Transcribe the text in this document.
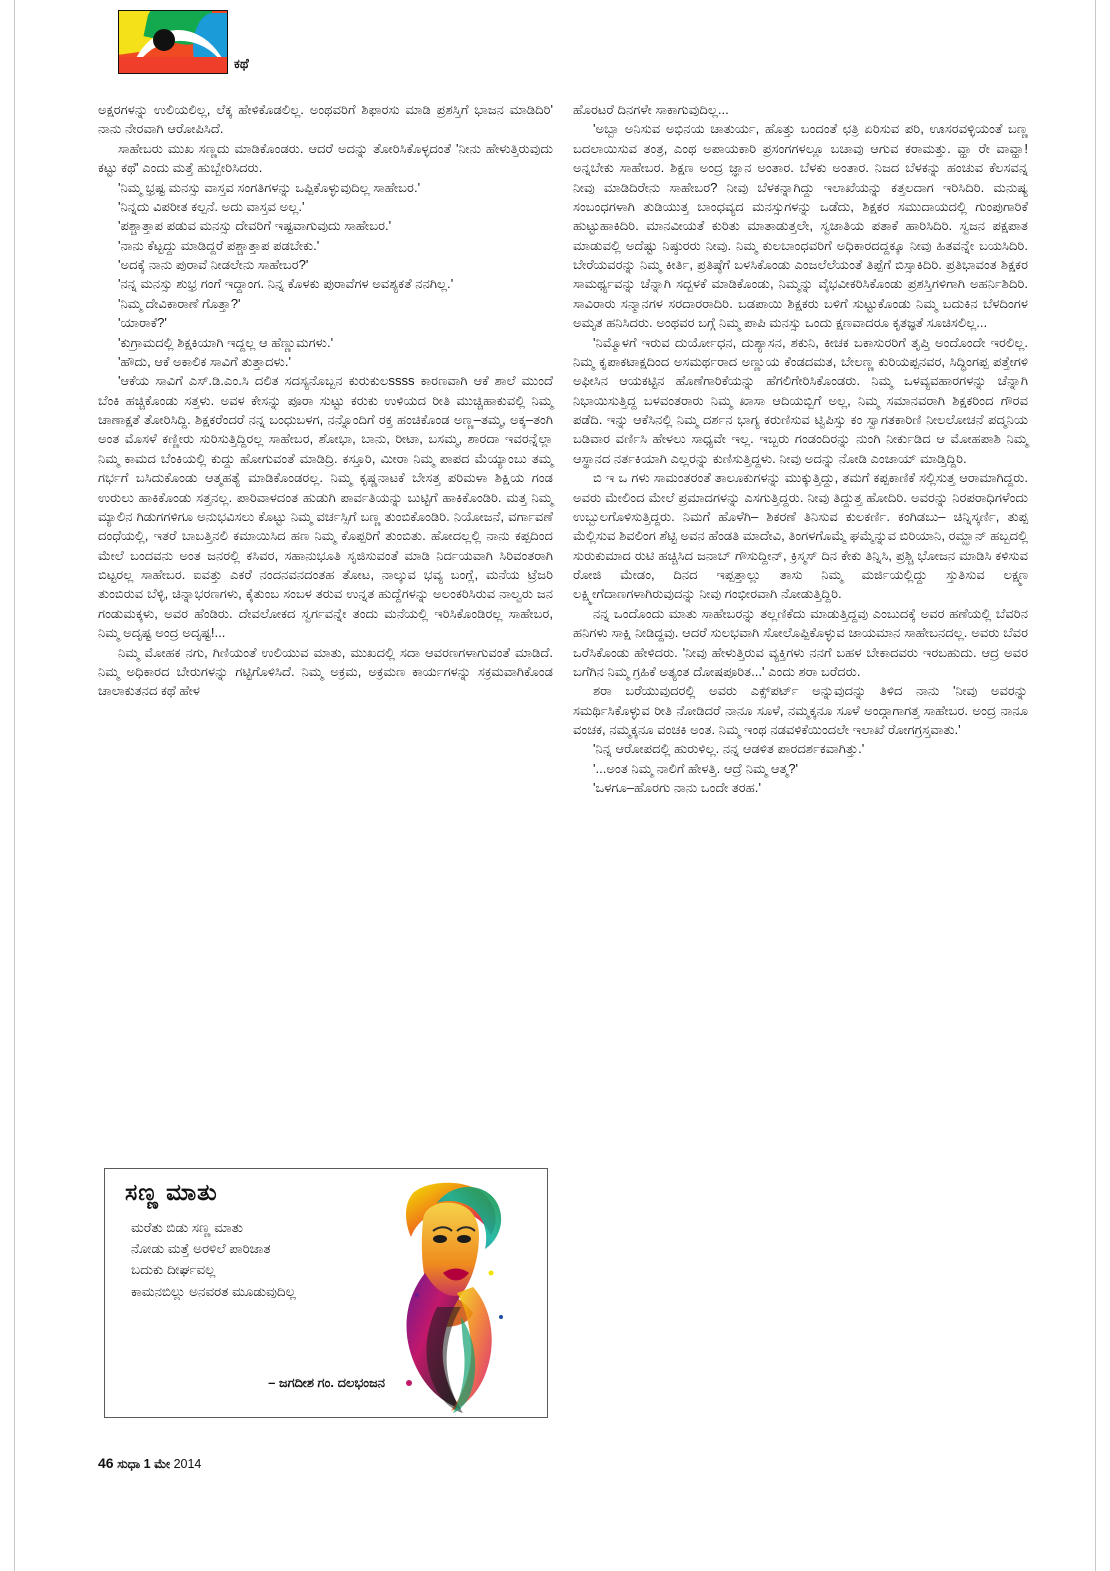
ಕಥೆ

ಅಕ್ಷರಗಳನ್ನು ಉಲಿಯಲಿಲ್ಲ, ಲೆಕ್ಕ ಹೇಳಿಕೊಡಲಿಲ್ಲ. ಅಂಥವರಿಗೆ ಶಿಫಾರಸು ಮಾಡಿ ಪ್ರಶಸ್ತಿಗೆ ಭಾಜನ ಮಾಡಿದಿರಿ' ನಾನು ನೇರವಾಗಿ ಆರೋಪಿಸಿದೆ.

ಸಾಹೇಬರು ಮುಖ ಸಣ್ಣದು ಮಾಡಿಕೊಂಡರು. ಆದರೆ ಅದನ್ನು ತೋರಿಸಿಕೊಳ್ಳದಂತೆ 'ನೀನು ಹೇಳುತ್ತಿರುವುದು ಕಟ್ಟು ಕಥೆ' ಎಂದು ಮತ್ತೆ ಹುಬ್ಬೇರಿಸಿದರು.

'ನಿಮ್ಮ ಭ್ರಷ್ಟ ಮನಸ್ಸು ವಾಸ್ತವ ಸಂಗತಿಗಳನ್ನು ಒಪ್ಪಿಕೊಳ್ಳುವುದಿಲ್ಲ ಸಾಹೇಬರ.'

'ನಿನ್ನದು ವಿಪರೀತ ಕಲ್ಪನೆ. ಅದು ವಾಸ್ತವ ಅಲ್ಲ.'

'ಪಶ್ಚಾತ್ತಾಪ ಪಡುವ ಮನಸ್ಸು ದೇವರಿಗೆ ಇಷ್ಟವಾಗುವುದು ಸಾಹೇಬರ.'

'ನಾನು ಕೆಟ್ಟದ್ದು ಮಾಡಿದ್ದರೆ ಪಶ್ಚಾತ್ತಾಪ ಪಡಬೇಕು.'

'ಅದಕ್ಕೆ ನಾನು ಪುರಾವೆ ನೀಡಲೇನು ಸಾಹೇಬರ?'

'ನನ್ನ ಮನಸ್ಸು ಶುಭ್ರ ಗಂಗೆ ಇದ್ದಾಂಗ. ನಿನ್ನ ಕೊಳಕು ಪುರಾವೆಗಳ ಅವಶ್ಯಕತೆ ನನಗಿಲ್ಲ.'

'ನಿಮ್ಮ ದೇವಿಕಾರಾಣೆ ಗೊತ್ತಾ?'

'ಯಾರಾಕೆ?'

'ಕುಗ್ರಾಮದಲ್ಲಿ ಶಿಕ್ಷಕಿಯಾಗಿ ಇದ್ದಲ್ಲ ಆ ಹೆಣ್ಣುಮಗಳು.'

'ಹೌದು, ಆಕೆ ಅಕಾಲಿಕ ಸಾವಿಗೆ ತುತ್ತಾದಳು.'

'ಆಕೆಯ ಸಾವಿಗೆ ಎಸ್.ಡಿ.ಎಂ.ಸಿ ದಲಿತ ಸದಸ್ಯನೊಬ್ಬನ ಕುರುಕುಲssss ಕಾರಣವಾಗಿ ಆಕೆ ಶಾಲೆ ಮುಂದೆ ಬೆಂಕಿ ಹಚ್ಚಿಕೊಂಡು ಸತ್ತಳು. ಅವಳ ಕೇಸನ್ನು ಪೂರಾ ಸುಟ್ಟು ಕರುಕು ಉಳಿಯದ ರೀತಿ ಮುಚ್ಚಿಹಾಕುವಲ್ಲಿ ನಿಮ್ಮ ಚಾಣಾಕ್ಷತೆ ತೋರಿಸಿದ್ದಿ. ಶಿಕ್ಷಕರೆಂದರೆ ನನ್ನ ಬಂಧುಬಳಗ, ನನ್ನೊಂದಿಗೆ ರಕ್ತ ಹಂಚಿಕೊಂಡ ಅಣ್ಣ–ತಮ್ಮ, ಅಕ್ಕ–ತಂಗಿ ಅಂತ ಮೊಸಳೆ ಕಣ್ಣೀರು ಸುರಿಸುತ್ತಿದ್ದಿರಲ್ಲ ಸಾಹೇಬರ, ಶೋಭಾ, ಬಾನು, ರೀಟಾ, ಬಸಮ್ಮ, ಶಾರದಾ ಇವರನ್ನೆಲ್ಲಾ ನಿಮ್ಮ ಕಾಮದ ಬೆಂಕಿಯಲ್ಲಿ ಕುದ್ದು ಹೋಗುವಂತೆ ಮಾಡಿದ್ರಿ. ಕಸ್ತೂರಿ, ಮೀರಾ ನಿಮ್ಮ ಪಾಪದ ಮೆಯ್ಯಾಂಬು ತಮ್ಮ ಗರ್ಭಗೆ ಬಸಿದುಕೊಂಡು ಆತ್ಮಹತ್ಯೆ ಮಾಡಿಕೊಂಡರಲ್ಲ. ನಿಮ್ಮ ಕೃಷ್ಣನಾಟಕೆ ಬೇಸತ್ತ ಪರಿಮಳಾ ಶಿಕ್ಷಿಯ ಗಂಡ ಉರುಲು ಹಾಕಿಕೊಂಡು ಸತ್ತನಲ್ಲ. ಪಾರಿವಾಳದಂತ ಹುಡುಗಿ ಪಾರ್ವತಿಯನ್ನು ಬುಟ್ಟಿಗೆ ಹಾಕಿಕೊಂಡಿರಿ. ಮತ್ತ ನಿಮ್ಮ ಮ್ಯಾಲಿನ ಗಿಡುಗಗಳಿಗೂ ಅನುಭವಿಸಲು ಕೊಟ್ಟು ನಿಮ್ಮ ವರ್ಚಸ್ಸಿಗೆ ಬಣ್ಣ ತುಂಬಿಕೊಂಡಿರಿ. ನಿಯೋಜನೆ, ವರ್ಗಾವಣೆ ದಂಧೆಯಲ್ಲಿ, ಇತರೆ ಬಾಬತ್ತಿನಲಿ ಕಮಾಯಿಸಿದ ಹಣ ನಿಮ್ಮ ಕೊಪ್ಪರಿಗೆ ತುಂಬಿತು. ಹೋದಲ್ಲಲ್ಲಿ ನಾನು ಕಪ್ಪದಿಂದ ಮೇಲೆ ಬಂದವನು ಅಂತ ಜನರಲ್ಲಿ ಕಸಿವರ, ಸಹಾನುಭೂತಿ ಸೃಜಿಸುವಂತೆ ಮಾಡಿ ನಿರ್ದಯವಾಗಿ ಸಿರಿವಂತರಾಗಿ ಬಿಟ್ಟರಲ್ಲ ಸಾಹೇಬರ. ಐವತ್ತು ಎಕರೆ ನಂದನವನದಂತಹ ತೋಟ, ನಾಲ್ಕುವ ಭವ್ಯ ಬಂಗ್ಲೆ, ಮನೆಯ ಟ್ರೆಜರಿ ತುಂಬಿರುವ ಬೆಳ್ಳಿ, ಚಿನ್ನಾಭರಣಗಳು, ಕೈತುಂಬ ಸಂಬಳ ತರುವ ಉನ್ನತ ಹುದ್ದೆಗಳನ್ನು ಅಲಂಕರಿಸಿರುವ ನಾಲ್ವರು ಜನ ಗಂಡುಮಕ್ಕಳು, ಅವರ ಹೆಂಡಿರು. ದೇವಲೋಕದ ಸ್ವರ್ಗವನ್ನೇ ತಂದು ಮನೆಯಲ್ಲಿ ಇರಿಸಿಕೊಂಡಿರಲ್ಲ ಸಾಹೇಬರ, ನಿಮ್ಮ ಅದೃಷ್ಟ ಅಂದ್ರ ಅದೃಷ್ಟ!...

ನಿಮ್ಮ ಮೋಹಕ ನಗು, ಗಿಣಿಯಂತೆ ಉಲಿಯುವ ಮಾತು, ಮುಖದಲ್ಲಿ ಸದಾ ಆವರಣಗಳಾಗುವಂತೆ ಮಾಡಿದೆ. ನಿಮ್ಮ ಅಧಿಕಾರದ ಬೇರುಗಳನ್ನು ಗಟ್ಟಿಗೊಳಿಸಿದೆ. ನಿಮ್ಮ ಅಕ್ರಮ, ಅಕ್ರಮಣ ಕಾರ್ಯಗಳನ್ನು ಸಕ್ರಮವಾಗಿಕೊಂಡ ಚಾಲಾಕುತನದ ಕಥೆ ಹೇಳ

ಹೊರಟರೆ ದಿನಗಳೇ ಸಾಕಾಗುವುದಿಲ್ಲ...

'ಅಬ್ಬಾ ಅನಿಸುವ ಅಭಿನಯ ಚಾತುರ್ಯ, ಹೊತ್ತು ಬಂದಂತೆ ಛತ್ರಿ ಏರಿಸುವ ಪರಿ, ಊಸರವಳ್ಳಿಯಂತೆ ಬಣ್ಣ ಬದಲಾಯಿಸುವ ತಂತ್ರ, ಎಂಥ ಅಪಾಯಕಾರಿ ಪ್ರಸಂಗಗಳಲ್ಲೂ ಬಚಾವು ಆಗುವ ಕರಾಮತ್ತು. ವ್ಹಾ ರೇ ವಾವ್ಹಾ! ಅನ್ನಬೇಕು ಸಾಹೇಬರ. ಶಿಕ್ಷಣ ಅಂದ್ರ ಜ್ಞಾನ ಅಂತಾರ. ಬೆಳಕು ಅಂತಾರ. ನಿಜದ ಬೆಳಕನ್ನು ಹಂಚುವ ಕೆಲಸವನ್ನ ನೀವು ಮಾಡಿದಿರೇನು ಸಾಹೇಬರ? ನೀವು ಬೆಳಕನ್ನಾಗಿದ್ದು ಇಲಾಖೆಯನ್ನು ಕತ್ತಲದಾಗ ಇರಿಸಿದಿರಿ. ಮನುಷ್ಯ ಸಂಬಂಧಗಳಾಗಿ ತುಡಿಯುತ್ತ ಬಾಂಧವ್ಯದ ಮನಸ್ಸುಗಳನ್ನು ಒಡೆದು, ಶಿಕ್ಷಕರ ಸಮುದಾಯದಲ್ಲಿ ಗುಂಪುಗಾರಿಕೆ ಹುಟ್ಟುಹಾಕಿದಿರಿ. ಮಾನವೀಯತೆ ಕುರಿತು ಮಾತಾಡುತ್ತಲೇ, ಸ್ವಜಾತಿಯ ಪತಾಕೆ ಹಾರಿಸಿದಿರಿ. ಸ್ವಜನ ಪಕ್ಷಪಾತ ಮಾಡುವಲ್ಲಿ ಅದೆಷ್ಟು ನಿಷ್ಠುರರು ನೀವು. ನಿಮ್ಮ ಕುಲಬಾಂಧವರಿಗೆ ಅಧಿಕಾರದದ್ದಕ್ಕೂ ನೀವು ಹಿತವನ್ನೇ ಬಯಸಿದಿರಿ. ಬೇರೆಯವರನ್ನು ನಿಮ್ಮ ಕೀರ್ತಿ, ಪ್ರತಿಷ್ಠೆಗೆ ಬಳಸಿಕೊಂಡು ಎಂಜಲೆಲೆಯಂತೆ ತಿಪ್ಪೆಗೆ ಬಿಸ್ಸಾಕಿದಿರಿ. ಪ್ರತಿಭಾವಂತ ಶಿಕ್ಷಕರ ಸಾಮರ್ಥ್ಯವನ್ನು ಚೆನ್ನಾಗಿ ಸದ್ಬಳಕೆ ಮಾಡಿಕೊಂಡು, ನಿಮ್ಮನ್ನು ವೈಭವೀಕರಿಸಿಕೊಂಡು ಪ್ರಶಸ್ತಿಗಳಿಗಾಗಿ ಅಹರ್ನಿಶಿದಿರಿ. ಸಾವಿರಾರು ಸನ್ಮಾನಗಳ ಸರದಾರರಾದಿರಿ. ಬಡಪಾಯಿ ಶಿಕ್ಷಕರು ಬಳಿಗೆ ಸುಟ್ಟುಕೊಂಡು ನಿಮ್ಮ ಬದುಕಿನ ಬೆಳದಿಂಗಳ ಅಮೃತ ಹನಿಸಿದರು. ಅಂಥವರ ಬಗ್ಗೆ ನಿಮ್ಮ ಪಾಪಿ ಮನಸ್ಸು ಒಂದು ಕ್ಷಣವಾದರೂ ಕೃತಜ್ಞತೆ ಸೂಚಿಸಲಿಲ್ಲ...

'ನಿಮ್ಮೊಳಗೆ ಇರುವ ದುರ್ಯೋಧನ, ದುಶ್ಯಾಸನ, ಶಕುನಿ, ಕೀಚಕ ಬಕಾಸುರರಿಗೆ ತೃಪ್ತಿ ಅಂದೊಂದೇ ಇರಲಿಲ್ಲ. ನಿಮ್ಮ ಕೃಪಾಕಟಾಕ್ಷದಿಂದ ಅಸಮರ್ಥರಾದ ಅಣ್ಣುಯ ಕೆಂಡದಮತ, ಬೇಲಣ್ಣ ಕುರಿಯಪ್ಪನವರ, ಸಿದ್ಧಿಂಗಪ್ಪ ಪತ್ತೇಗಳಿ ಅಫೀಸಿನ ಆಯಕಟ್ಟಿನ ಹೊಣೆಗಾರಿಕೆಯನ್ನು ಹೆಗಲಿಗೇರಿಸಿಕೊಂಡರು. ನಿಮ್ಮ ಒಳವ್ಯವಹಾರಗಳನ್ನು ಚೆನ್ನಾಗಿ ನಿಭಾಯಿಸುತ್ತಿದ್ದ ಬಳವಂತರಾರು ನಿಮ್ಮ ಖಾಸಾ ಆದಿಯಬ್ಬಿಗೆ ಅಲ್ಲ, ನಿಮ್ಮ ಸಮಾನವರಾಗಿ ಶಿಕ್ಷಕರಿಂದ ಗೌರವ ಪಡೆದಿ. ಇನ್ನು ಆಕೆಸಿನಲ್ಲಿ ನಿಮ್ಮ ದರ್ಶನ ಭಾಗ್ಯ ಕರುಣಿಸುವ ಟ್ವಿಪಿಸ್ಸು ಕಂ ಸ್ವಾಗತಕಾರಿಣಿ ನೀಲಲೋಚನೆ ಪದ್ಮನಿಯ ಬಡಿವಾರ ವರ್ಣಿಸಿ ಹೇಳಲು ಸಾಧ್ಯವೇ ಇಲ್ಲ. ಇಬ್ಬರು ಗಂಡಂದಿರನ್ನು ನುಂಗಿ ನೀರ್ಕುಡಿದ ಆ ಮೋಹಪಾಶಿ ನಿಮ್ಮ ಆಸ್ಥಾನದ ನರ್ತಕಿಯಾಗಿ ಎಲ್ಲರನ್ನು ಕುಣಿಸುತ್ತಿದ್ದಳು. ನೀವು ಅದನ್ನು ನೋಡಿ ಎಂಜಾಯ್ ಮಾಡ್ತಿದ್ದಿರಿ.

ಬಿ ಇ ಒ ಗಳು ಸಾಮಂತರಂತೆ ತಾಲೂಕುಗಳನ್ನು ಮುಕ್ಕುತ್ತಿದ್ದು, ತಮಗೆ ಕಪ್ಪಕಾಣಿಕೆ ಸಲ್ಲಿಸುತ್ತ ಆರಾಮಾಗಿದ್ದರು. ಅವರು ಮೇಲಿಂದ ಮೇಲೆ ಪ್ರಮಾದಗಳನ್ನು ಎಸಗುತ್ತಿದ್ದರು. ನೀವು ತಿದ್ದುತ್ತ ಹೋದಿರಿ. ಅವರನ್ನು ನಿರಪರಾಧಿಗಳೆಂದು ಉಬ್ಬುಲಗೊಳಿಸುತ್ತಿದ್ದರು. ನಿಮಗೆ ಹೊಳೆಗಿ– ಶಿಕರಣೆ ತಿನಿಸುವ ಕುಲಕರ್ಣಿ. ಕಂಗಿಡಬು– ಚಿನ್ನಿಸ್ಕರ್ಣಿ, ತುಪ್ಪ ಮೆಲ್ಲಿಸುವ ಶಿವಲಿಂಗ ಶೆಟ್ಟಿ ಅವನ ಹೆಂಡತಿ ಮಾದೇವಿ, ತಿಂಗಳಗೊಮ್ಮೆ ಘಮ್ಮೆನ್ನುವ ಬಿರಿಯಾನಿ, ರಮ್ಝಾನ್ ಹಬ್ಬದಲ್ಲಿ ಸುರುಕುಮಾದ ರುಟಿ ಹಚ್ಚಿಸಿದ ಜನಾಬ್ ಗೌಸುದ್ದೀನ್, ಕ್ರಿಸ್ಮಸ್ ದಿನ ಕೇಕು ತಿನ್ನಿಸಿ, ಪ್ರಶ್ಚಿ ಭೋಜನ ಮಾಡಿಸಿ ಕಳಿಸುವ ರೋಜಿ ಮೇಡಂ, ದಿನದ ಇಪ್ಪತ್ತಾಲ್ಲು ತಾಸು ನಿಮ್ಮ ಮರ್ಜಿಯಲ್ಲಿದ್ದು ಸ್ತುತಿಸುವ ಲಕ್ಷ್ಮಣ ಲಕ್ಷ್ಮೀಗೆದಾಣಗಳಾಗಿರುವುದನ್ನು ನೀವು ಗಂಭೀರವಾಗಿ ನೋಡುತ್ತಿದ್ದಿರಿ.

ನನ್ನ ಒಂದೊಂದು ಮಾತು ಸಾಹೇಬರನ್ನು ತಲ್ಲಣಿಕೆದು ಮಾಡುತ್ತಿದ್ದವು ಎಂಬುದಕ್ಕೆ ಅವರ ಹಣೆಯಲ್ಲಿ ಬೆವರಿನ ಹನಿಗಳು ಸಾಕ್ಷಿ ನೀಡಿದ್ದವು. ಆದರೆ ಸುಲಭವಾಗಿ ಸೋಲೊಪ್ಪಿಕೊಳ್ಳುವ ಜಾಯಮಾನ ಸಾಹೇಬನದಲ್ಲ. ಅವರು ಬೆವರ ಒರೆಸಿಕೊಂಡು ಹೇಳಿದರು. 'ನೀವು ಹೇಳುತ್ತಿರುವ ವ್ಯಕ್ತಿಗಳು ನನಗೆ ಬಹಳ ಬೇಕಾದವರು ಇರಬಹುದು. ಆದ್ರ ಅವರ ಬಗೆಗಿನ ನಿಮ್ಮ ಗ್ರಹಿಕೆ ಅತ್ಯಂತ ದೋಷಪೂರಿತ...' ಎಂದು ಶರಾ ಬರೆದರು.

ಶರಾ ಬರೆಯುವುದರಲ್ಲಿ ಅವರು ಎಕ್ಸ್‌ಪರ್ಟ್ ಅನ್ನುವುದನ್ನು ತಿಳಿದ ನಾನು 'ನೀವು ಅವರನ್ನು ಸಮರ್ಥಿಸಿಕೊಳ್ಳುವ ರೀತಿ ನೋಡಿದರೆ ನಾನೂ ಸೂಳೆ, ನಮ್ಮಕ್ಕನೂ ಸೂಳೆ ಅಂದ್ಗಾಗಾಗತ್ತ ಸಾಹೇಬರ. ಅಂದ್ರ ನಾನೂ ವಂಚಕ, ನಮ್ಮಕ್ಕನೂ ವಂಚಕಿ ಅಂತ. ನಿಮ್ಮ ಇಂಥ ನಡವಳಿಕೆಯಿಂದಲೇ ಇಲಾಖೆ ರೋಗಗ್ರಸ್ತವಾತು.'

'ನಿನ್ನ ಆರೋಪದಲ್ಲಿ ಹುರುಳಿಲ್ಲ. ನನ್ನ ಆಡಳಿತ ಪಾರದರ್ಶಕವಾಗಿತ್ತು.'

'...ಅಂತ ನಿಮ್ಮ ನಾಲಿಗೆ ಹೇಳತ್ತಿ. ಆದ್ರೆ ನಿಮ್ಮ ಆತ್ಮ?'

'ಒಳಗೂ–ಹೊರಗು ನಾನು ಒಂದೇ ತರಹ.'

ಸಣ್ಣ ಮಾತು
ಮರೆತು ಬಿಡು ಸಣ್ಣ ಮಾತು
ನೋಡು ಮತ್ತೆ ಅರಳಿಲೆ ಪಾರಿಜಾತ
ಬದುಕು ದೀರ್ಘವಲ್ಲ
ಕಾಮನಬಿಲ್ಲು ಅನವರತ ಮೂಡುವುದಿಲ್ಲ
– ಜಗದೀಶ ಗಂ. ದಲಭಂಜನ
46 ಸುಧಾ 1 ಮೇ 2014
